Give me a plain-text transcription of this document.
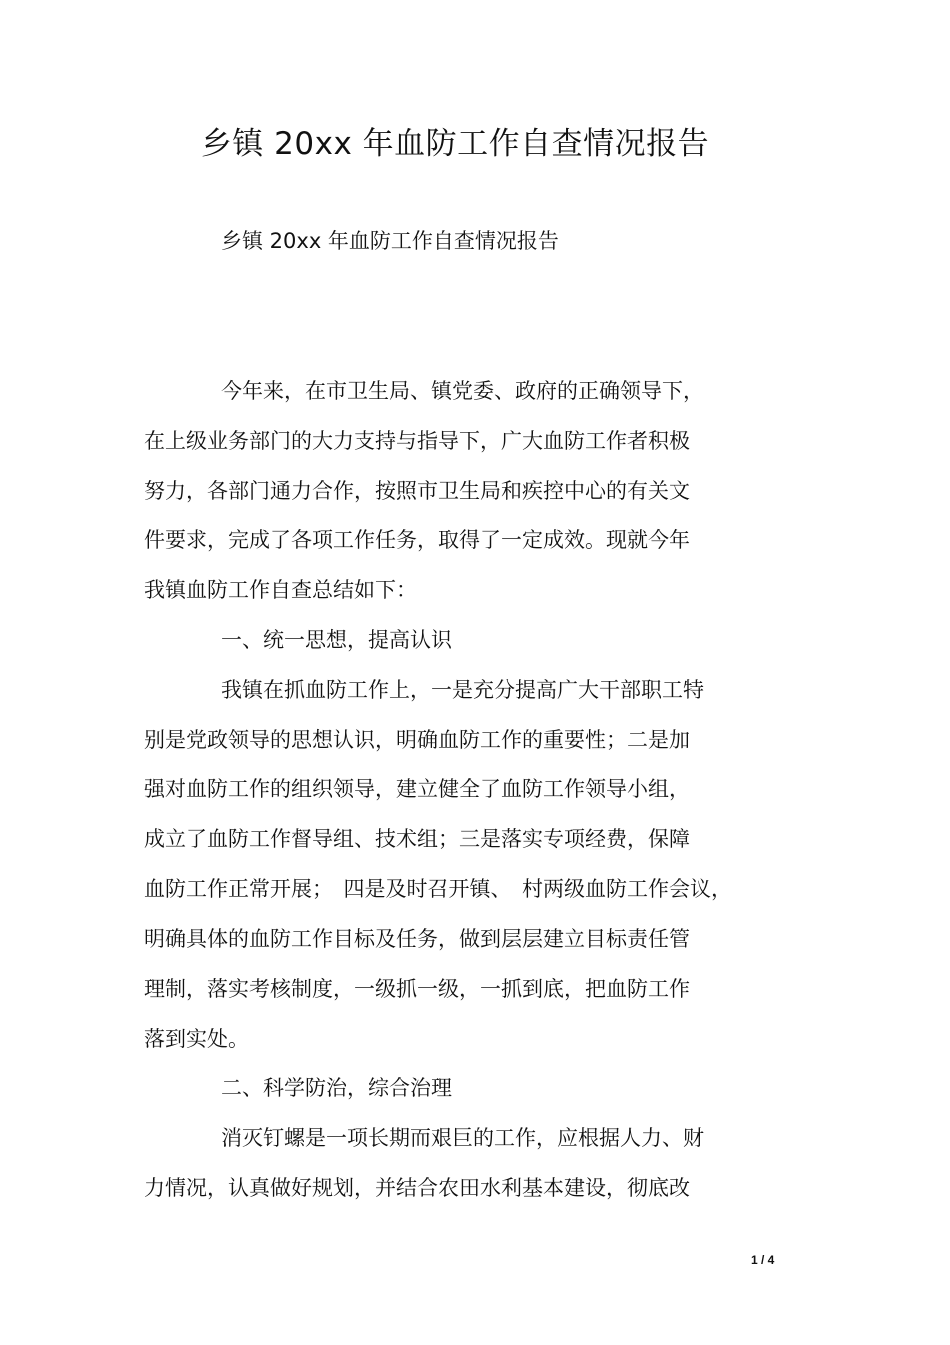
乡镇 20xx 年血防工作自查情况报告
乡镇 20xx 年血防工作自查情况报告
今年来，在市卫生局、镇党委、政府的正确领导下，
在上级业务部门的大力支持与指导下，广大血防工作者积极
努力，各部门通力合作，按照市卫生局和疾控中心的有关文
件要求，完成了各项工作任务，取得了一定成效。现就今年
我镇血防工作自查总结如下：
一、统一思想，提高认识
我镇在抓血防工作上，一是充分提高广大干部职工特
别是党政领导的思想认识，明确血防工作的重要性；二是加
强对血防工作的组织领导，建立健全了血防工作领导小组，
成立了血防工作督导组、技术组；三是落实专项经费，保障
血防工作正常开展；　四是及时召开镇、　村两级血防工作会议，
明确具体的血防工作目标及任务，做到层层建立目标责任管
理制，落实考核制度，一级抓一级，一抓到底，把血防工作
落到实处。
二、科学防治，综合治理
消灭钉螺是一项长期而艰巨的工作，应根据人力、财
力情况，认真做好规划，并结合农田水利基本建设，彻底改
1 / 4
